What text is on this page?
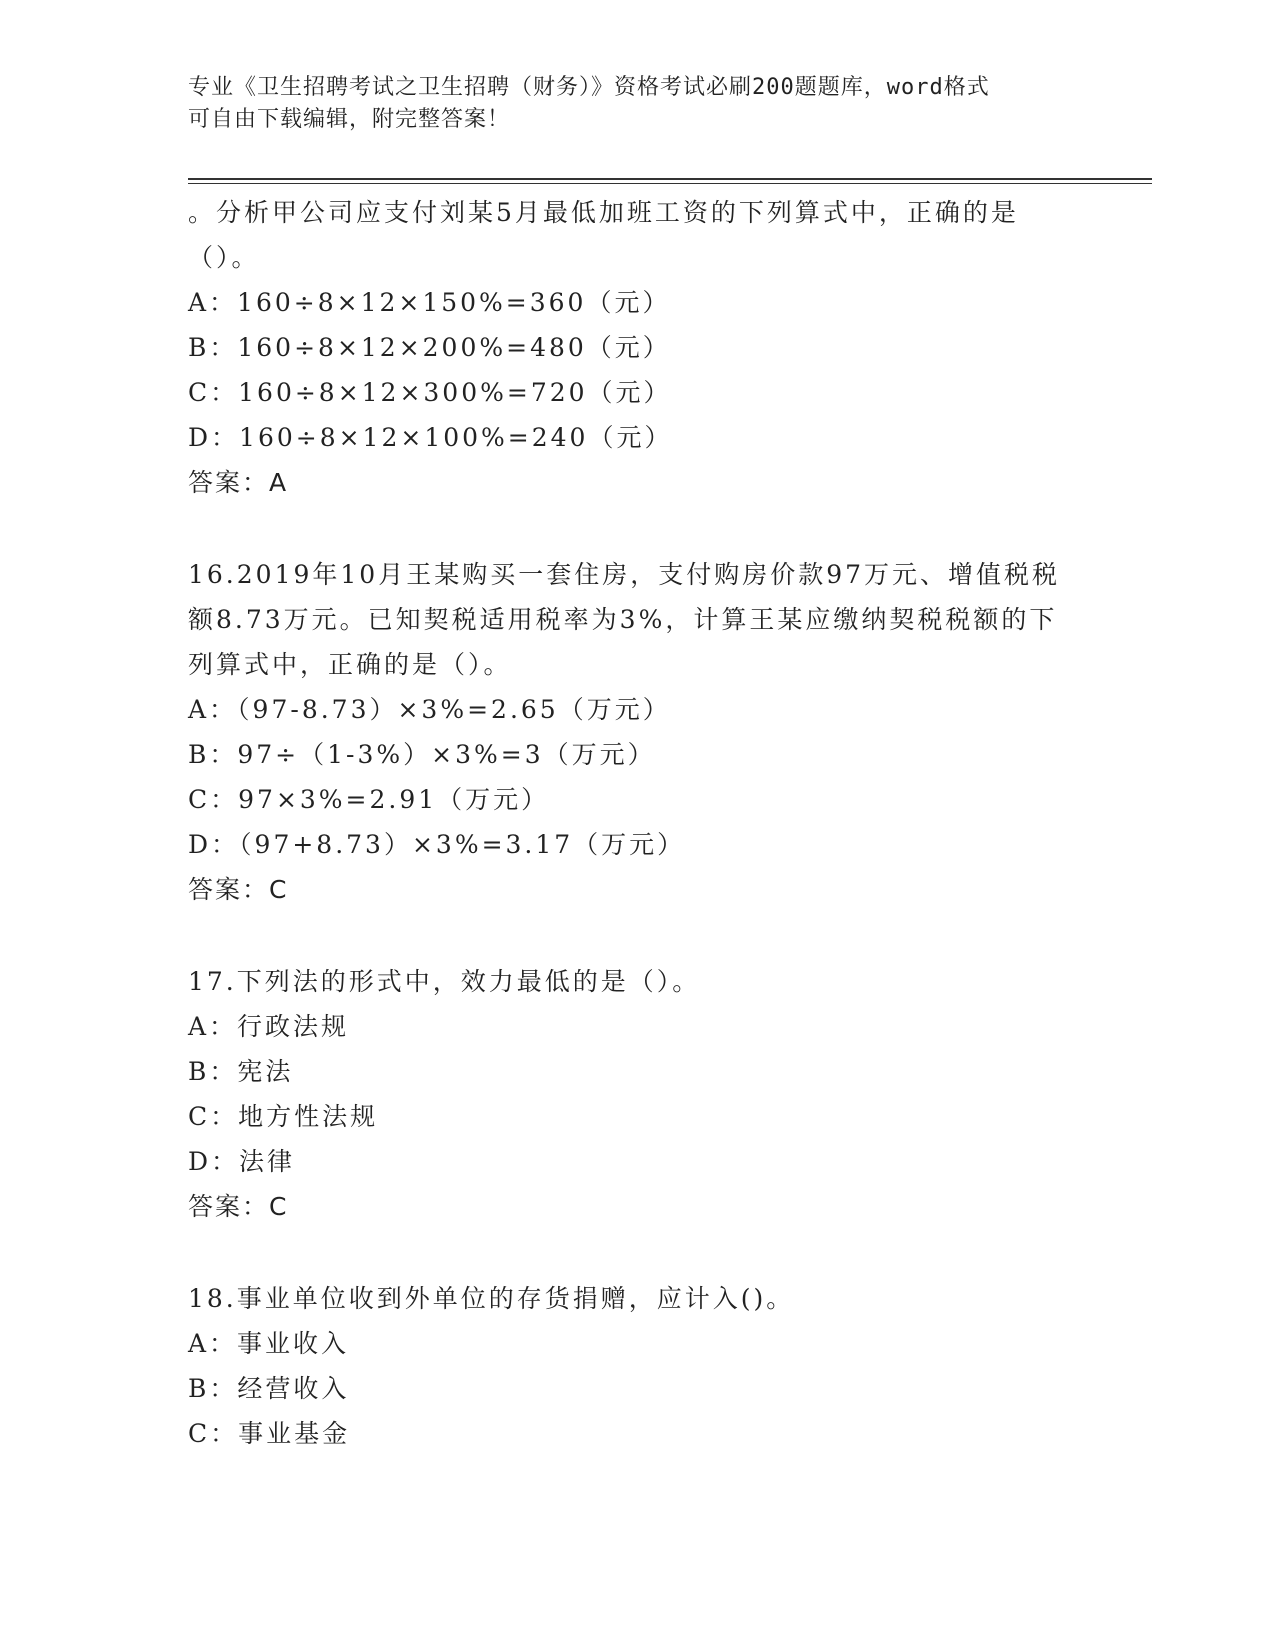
专业《卫生招聘考试之卫生招聘（财务）》资格考试必刷200题题库，word格式
可自由下载编辑，附完整答案！
。分析甲公司应支付刘某5月最低加班工资的下列算式中，正确的是
（）。
A：160÷8×12×150%=360（元）
B：160÷8×12×200%=480（元）
C：160÷8×12×300%=720（元）
D：160÷8×12×100%=240（元）
答案：A
16.2019年10月王某购买一套住房，支付购房价款97万元、增值税税
额8.73万元。已知契税适用税率为3%，计算王某应缴纳契税税额的下
列算式中，正确的是（）。
A：（97-8.73）×3%=2.65（万元）
B：97÷（1-3%）×3%=3（万元）
C：97×3%=2.91（万元）
D：（97+8.73）×3%=3.17（万元）
答案：C
17.下列法的形式中，效力最低的是（）。
A：行政法规
B：宪法
C：地方性法规
D：法律
答案：C
18.事业单位收到外单位的存货捐赠，应计入()。
A：事业收入
B：经营收入
C：事业基金
